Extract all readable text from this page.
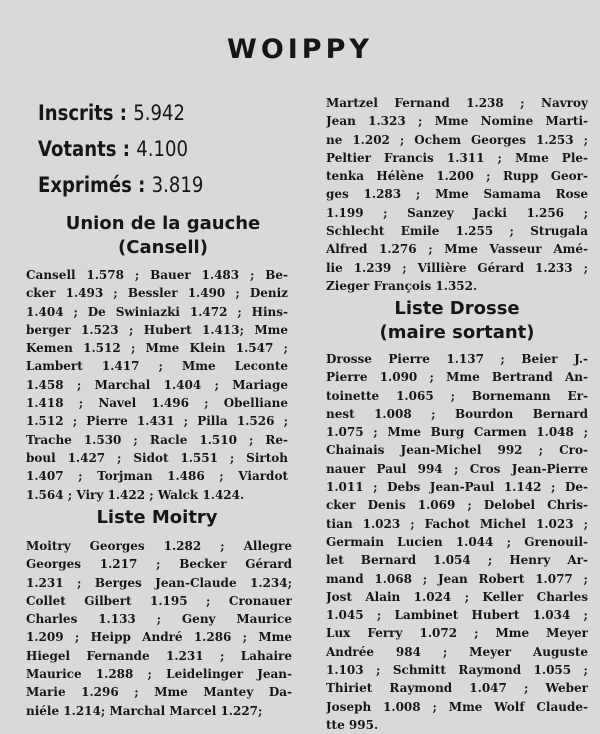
WOIPPY
Inscrits : 5.942
Votants : 4.100
Exprimés : 3.819
Union de la gauche
(Cansell)
Cansell 1.578 ; Bauer 1.483 ; Be-
cker 1.493 ; Bessler 1.490 ; Deniz
1.404 ; De Swiniazki 1.472 ; Hins-
berger 1.523 ; Hubert 1.413; Mme
Kemen 1.512 ; Mme Klein 1.547 ;
Lambert 1.417 ; Mme Leconte
1.458 ; Marchal 1.404 ; Mariage
1.418 ; Navel 1.496 ; Obelliane
1.512 ; Pierre 1.431 ; Pilla 1.526 ;
Trache 1.530 ; Racle 1.510 ; Re-
boul 1.427 ; Sidot 1.551 ; Sirtoh
1.407 ; Torjman 1.486 ; Viardot
1.564 ; Viry 1.422 ; Walck 1.424.
Liste Moitry
Moitry Georges 1.282 ; Allegre
Georges 1.217 ; Becker Gérard
1.231 ; Berges Jean-Claude 1.234;
Collet Gilbert 1.195 ; Cronauer
Charles 1.133 ; Geny Maurice
1.209 ; Heipp André 1.286 ; Mme
Hiegel Fernande 1.231 ; Lahaire
Maurice 1.288 ; Leidelinger Jean-
Marie 1.296 ; Mme Mantey Da-
niéle 1.214; Marchal Marcel 1.227;
Martzel Fernand 1.238 ; Navroy
Jean 1.323 ; Mme Nomine Marti-
ne 1.202 ; Ochem Georges 1.253 ;
Peltier Francis 1.311 ; Mme Ple-
tenka Hélène 1.200 ; Rupp Geor-
ges 1.283 ; Mme Samama Rose
1.199 ; Sanzey Jacki 1.256 ;
Schlecht Emile 1.255 ; Strugala
Alfred 1.276 ; Mme Vasseur Amé-
lie 1.239 ; Villière Gérard 1.233 ;
Zieger François 1.352.
Liste Drosse
(maire sortant)
Drosse Pierre 1.137 ; Beier J.-
Pierre 1.090 ; Mme Bertrand An-
toinette 1.065 ; Bornemann Er-
nest 1.008 ; Bourdon Bernard
1.075 ; Mme Burg Carmen 1.048 ;
Chainais Jean-Michel 992 ; Cro-
nauer Paul 994 ; Cros Jean-Pierre
1.011 ; Debs Jean-Paul 1.142 ; De-
cker Denis 1.069 ; Delobel Chris-
tian 1.023 ; Fachot Michel 1.023 ;
Germain Lucien 1.044 ; Grenouil-
let Bernard 1.054 ; Henry Ar-
mand 1.068 ; Jean Robert 1.077 ;
Jost Alain 1.024 ; Keller Charles
1.045 ; Lambinet Hubert 1.034 ;
Lux Ferry 1.072 ; Mme Meyer
Andrée 984 ; Meyer Auguste
1.103 ; Schmitt Raymond 1.055 ;
Thiriet Raymond 1.047 ; Weber
Joseph 1.008 ; Mme Wolf Claude-
tte 995.
